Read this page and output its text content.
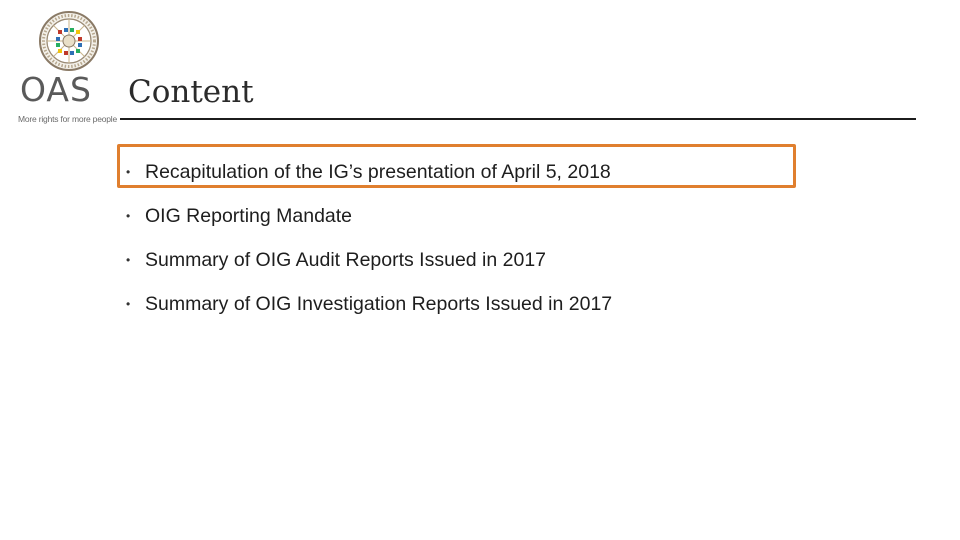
OAS
More rights for more people
Content
• Recapitulation of the IG’s presentation of April 5, 2018
• OIG Reporting Mandate
• Summary of OIG Audit Reports Issued in 2017
• Summary of OIG Investigation Reports Issued in 2017
